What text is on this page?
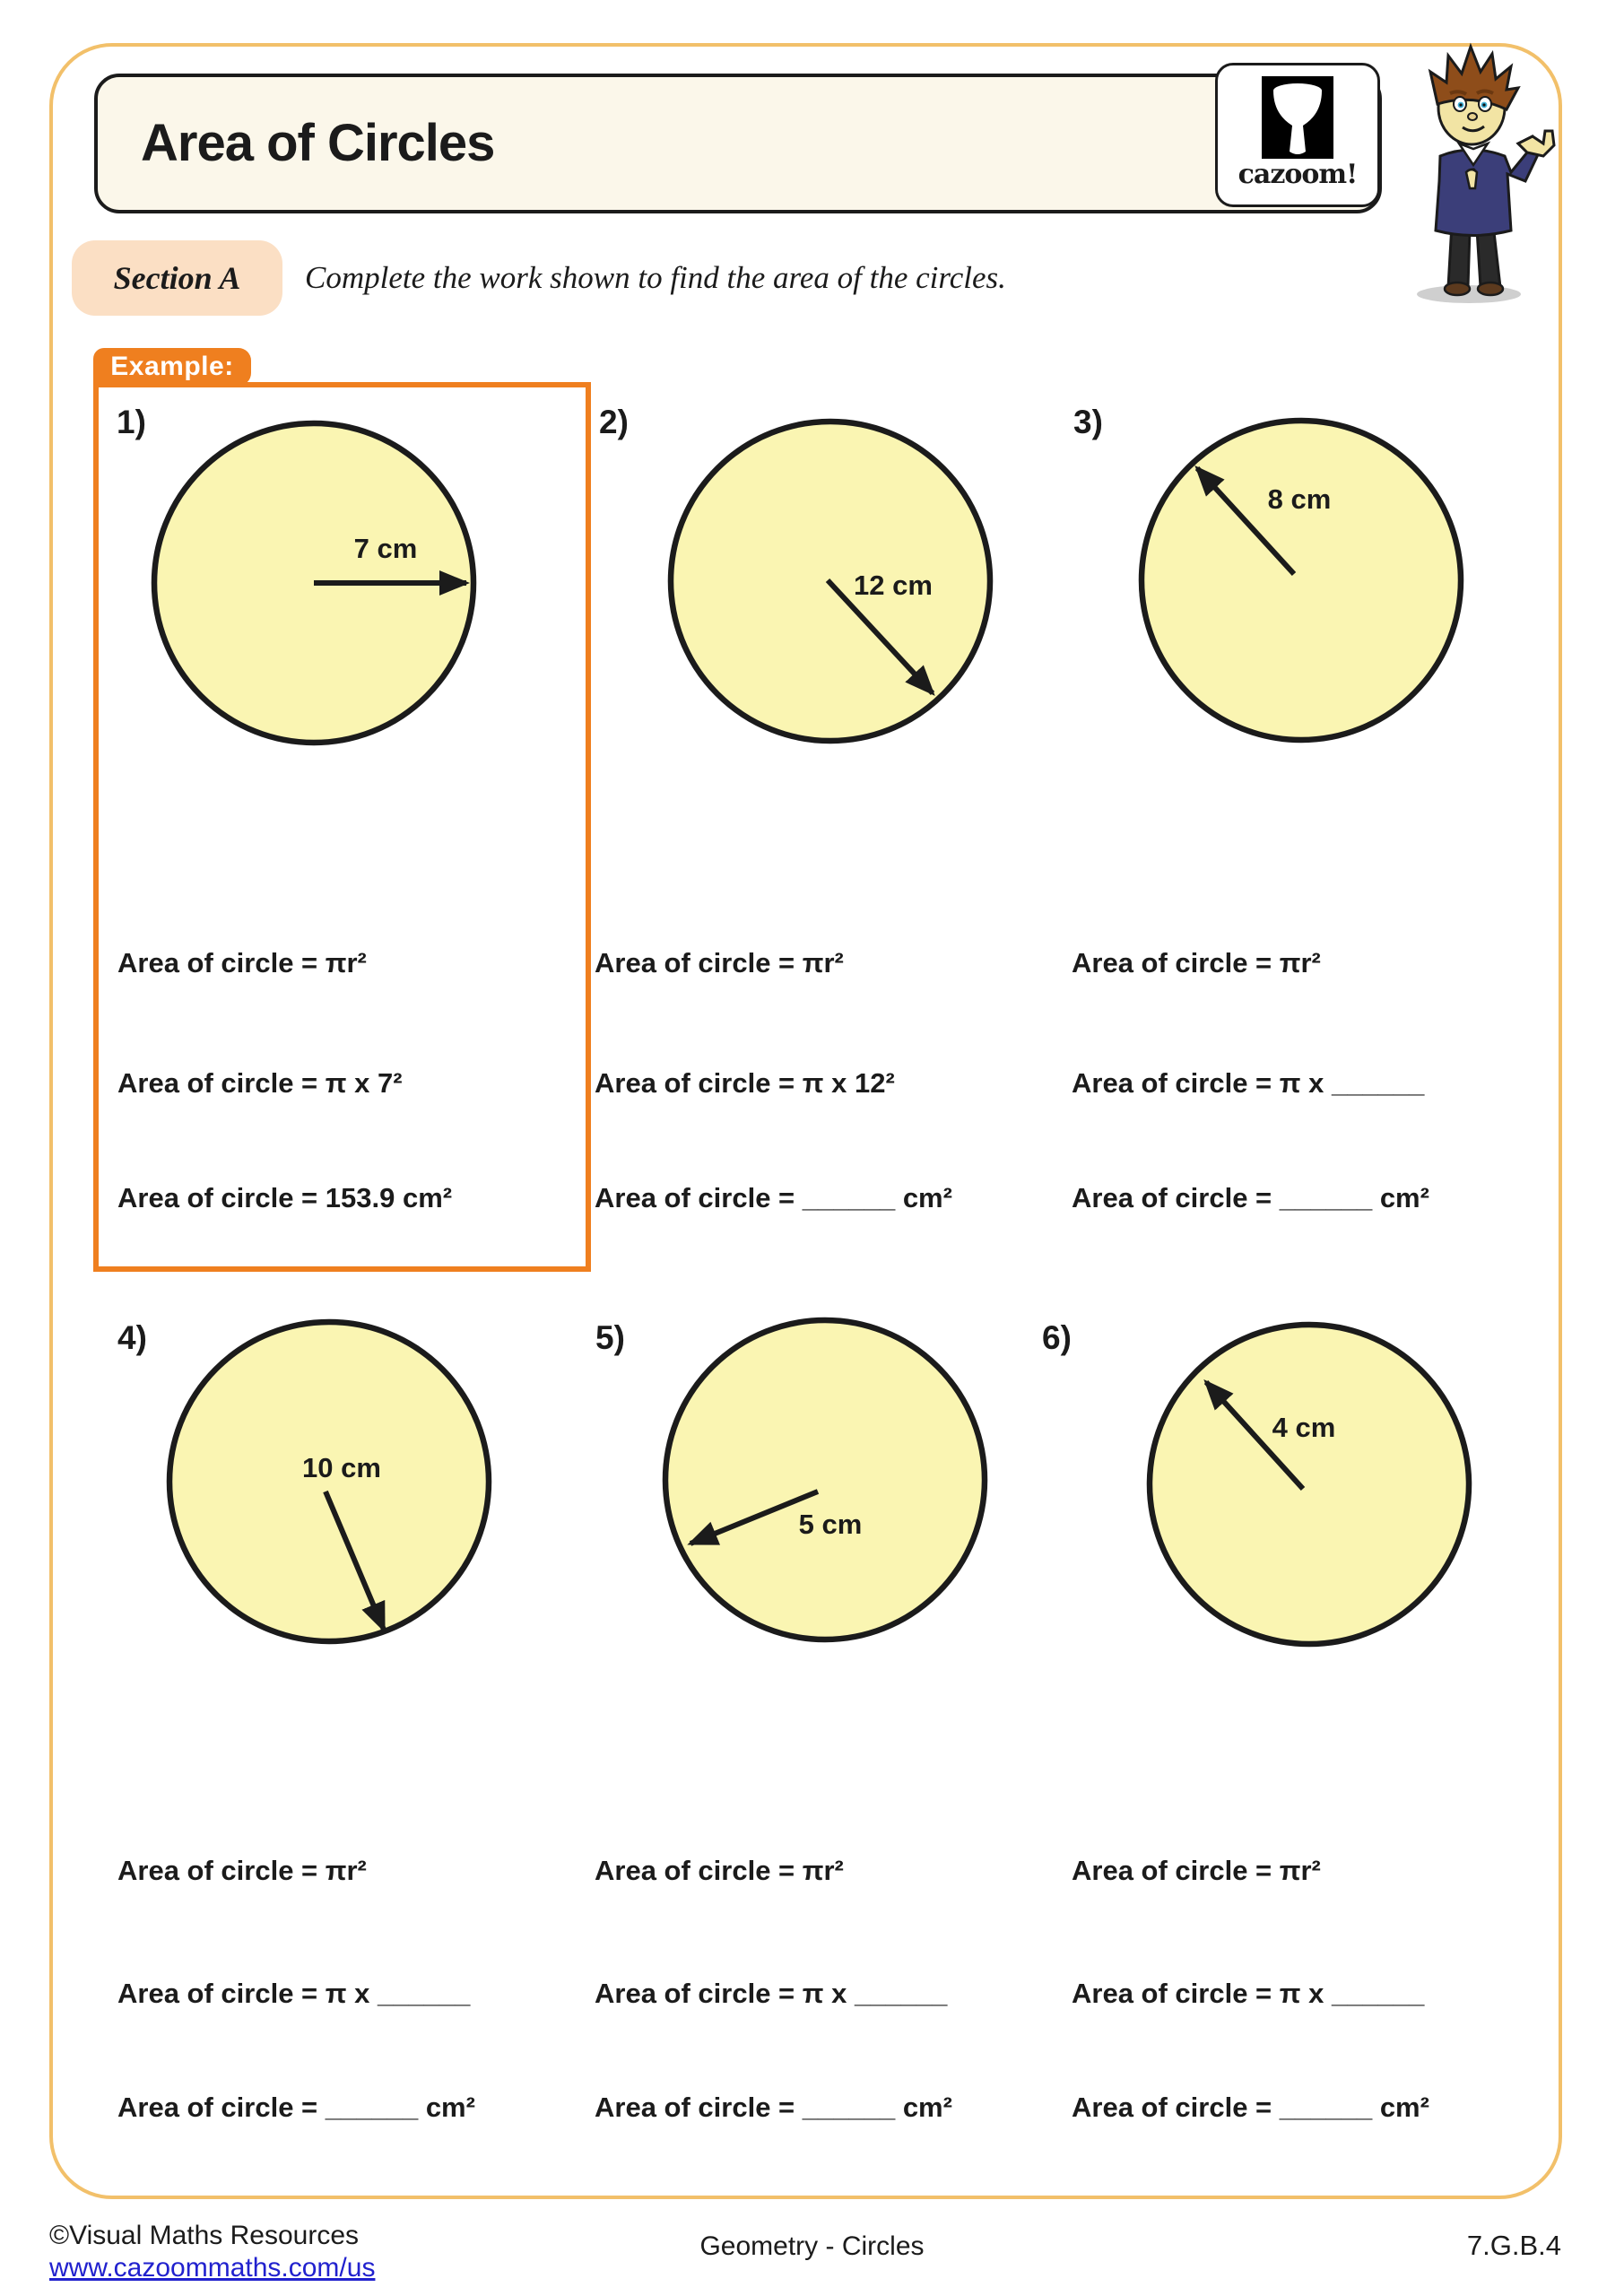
Area of Circles
cazoom!
Section A	Complete the work shown to find the area of the circles.
Example:
1)	2)	3)
4)	5)	6)
7 cm
12 cm
8 cm
10 cm
5 cm
4 cm
Area of circle = πr²
Area of circle = π x 7²
Area of circle = 153.9 cm²
Area of circle = πr²
Area of circle = π x 12²
Area of circle = ______ cm²
Area of circle = πr²
Area of circle = π x ______
Area of circle = ______ cm²
Area of circle = πr²
Area of circle = π x ______
Area of circle = ______ cm²
Area of circle = πr²
Area of circle = π x ______
Area of circle = ______ cm²
Area of circle = πr²
Area of circle = π x ______
Area of circle = ______ cm²
©Visual Maths Resources
www.cazoommaths.com/us
Geometry - Circles	7.G.B.4
